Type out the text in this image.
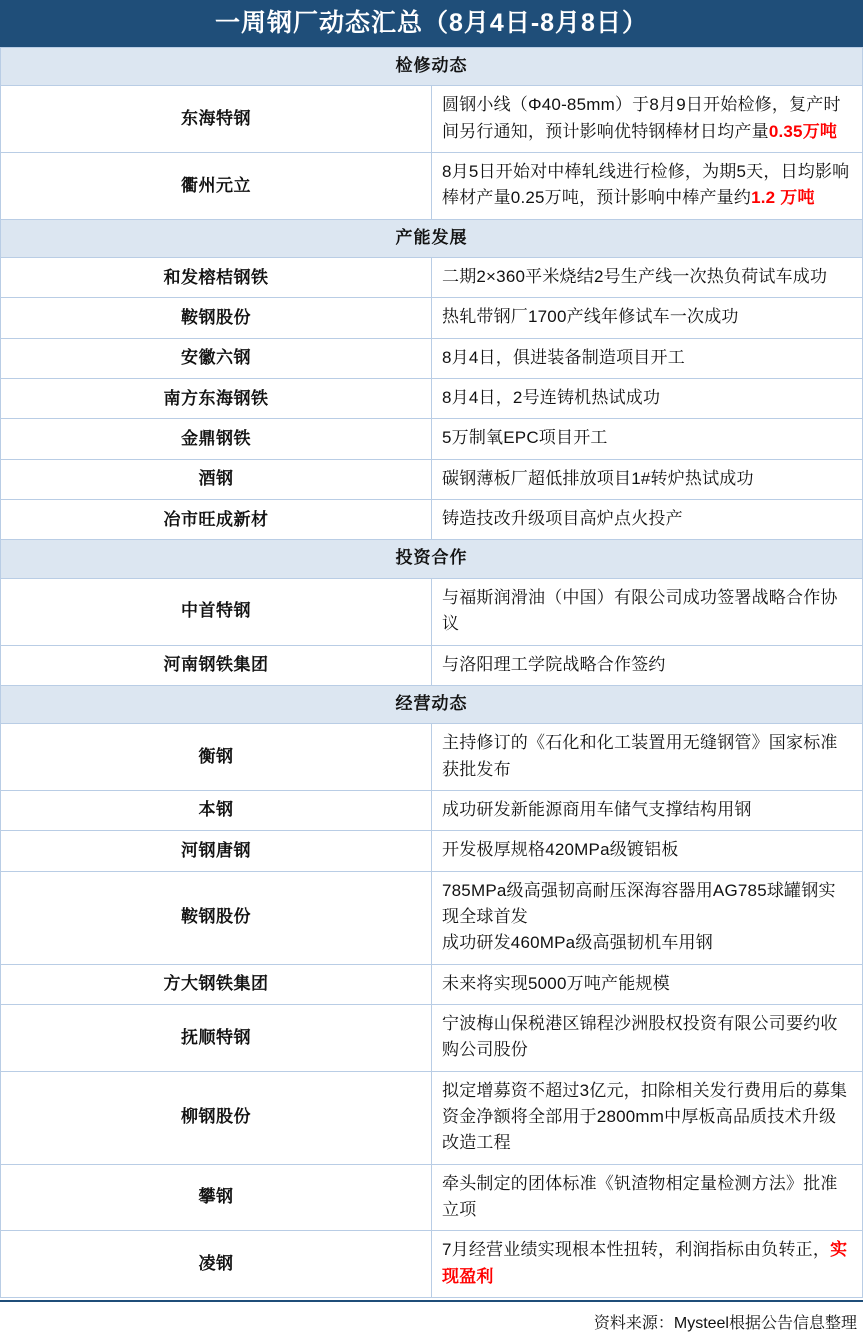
一周钢厂动态汇总（8月4日-8月8日）
检修动态	
东海特钢	圆钢小线（Φ40-85mm）于8月9日开始检修，复产时间另行通知，预计影响优特钢棒材日均产量0.35万吨
衢州元立	8月5日开始对中棒轧线进行检修，为期5天，日均影响棒材产量0.25万吨，预计影响中棒产量约1.2 万吨
产能发展	
和发榕桔钢铁	二期2×360平米烧结2号生产线一次热负荷试车成功
鞍钢股份	热轧带钢厂1700产线年修试车一次成功
安徽六钢	8月4日，俱进装备制造项目开工
南方东海钢铁	8月4日，2号连铸机热试成功
金鼎钢铁	5万制氧EPC项目开工
酒钢	碳钢薄板厂超低排放项目1#转炉热试成功
冶市旺成新材	铸造技改升级项目高炉点火投产
投资合作	
中首特钢	与福斯润滑油（中国）有限公司成功签署战略合作协议
河南钢铁集团	与洛阳理工学院战略合作签约
经营动态	
衡钢	主持修订的《石化和化工装置用无缝钢管》国家标准获批发布
本钢	成功研发新能源商用车储气支撑结构用钢
河钢唐钢	开发极厚规格420MPa级镀铝板
鞍钢股份	785MPa级高强韧高耐压深海容器用AG785球罐钢实现全球首发
成功研发460MPa级高强韧机车用钢
方大钢铁集团	未来将实现5000万吨产能规模
抚顺特钢	宁波梅山保税港区锦程沙洲股权投资有限公司要约收购公司股份
柳钢股份	拟定增募资不超过3亿元，扣除相关发行费用后的募集资金净额将全部用于2800mm中厚板高品质技术升级改造工程
攀钢	牵头制定的团体标准《钒渣物相定量检测方法》批准立项
凌钢	7月经营业绩实现根本性扭转，利润指标由负转正，实现盈利
资料来源：Mysteel根据公告信息整理
